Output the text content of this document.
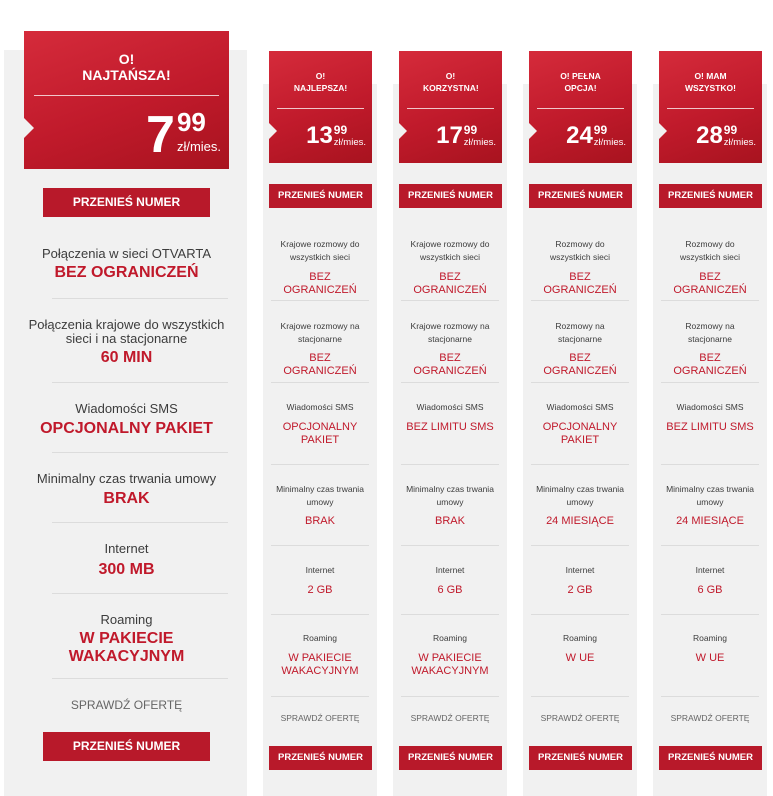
O! NAJTAŃSZA!
7 99
zł/mies.
PRZENIEŚ NUMER
Połączenia w sieci OTVARTA
BEZ OGRANICZEŃ
Połączenia krajowe do wszystkich sieci i na stacjonarne
60 MIN
Wiadomości SMS
OPCJONALNY PAKIET
Minimalny czas trwania umowy
BRAK
Internet
300 MB
Roaming
W PAKIECIE WAKACYJNYM
SPRAWDŹ OFERTĘ
PRZENIEŚ NUMER
O! NAJLEPSZA!
13 99
zł/mies.
PRZENIEŚ NUMER
Krajowe rozmowy do wszystkich sieci
BEZ OGRANICZEŃ
Krajowe rozmowy na stacjonarne
BEZ OGRANICZEŃ
Wiadomości SMS
OPCJONALNY PAKIET
Minimalny czas trwania umowy
BRAK
Internet
2 GB
Roaming
W PAKIECIE WAKACYJNYM
SPRAWDŹ OFERTĘ
PRZENIEŚ NUMER
O! KORZYSTNA!
17 99
zł/mies.
PRZENIEŚ NUMER
Krajowe rozmowy do wszystkich sieci
BEZ OGRANICZEŃ
Krajowe rozmowy na stacjonarne
BEZ OGRANICZEŃ
Wiadomości SMS
BEZ LIMITU SMS
Minimalny czas trwania umowy
BRAK
Internet
6 GB
Roaming
W PAKIECIE WAKACYJNYM
SPRAWDŹ OFERTĘ
PRZENIEŚ NUMER
O! PEŁNA OPCJA!
24 99
zł/mies.
PRZENIEŚ NUMER
Rozmowy do wszystkich sieci
BEZ OGRANICZEŃ
Rozmowy na stacjonarne
BEZ OGRANICZEŃ
Wiadomości SMS
OPCJONALNY PAKIET
Minimalny czas trwania umowy
24 MIESIĄCE
Internet
2 GB
Roaming
W UE
SPRAWDŹ OFERTĘ
PRZENIEŚ NUMER
O! MAM WSZYSTKO!
28 99
zł/mies.
PRZENIEŚ NUMER
Rozmowy do wszystkich sieci
BEZ OGRANICZEŃ
Rozmowy na stacjonarne
BEZ OGRANICZEŃ
Wiadomości SMS
BEZ LIMITU SMS
Minimalny czas trwania umowy
24 MIESIĄCE
Internet
6 GB
Roaming
W UE
SPRAWDŹ OFERTĘ
PRZENIEŚ NUMER
